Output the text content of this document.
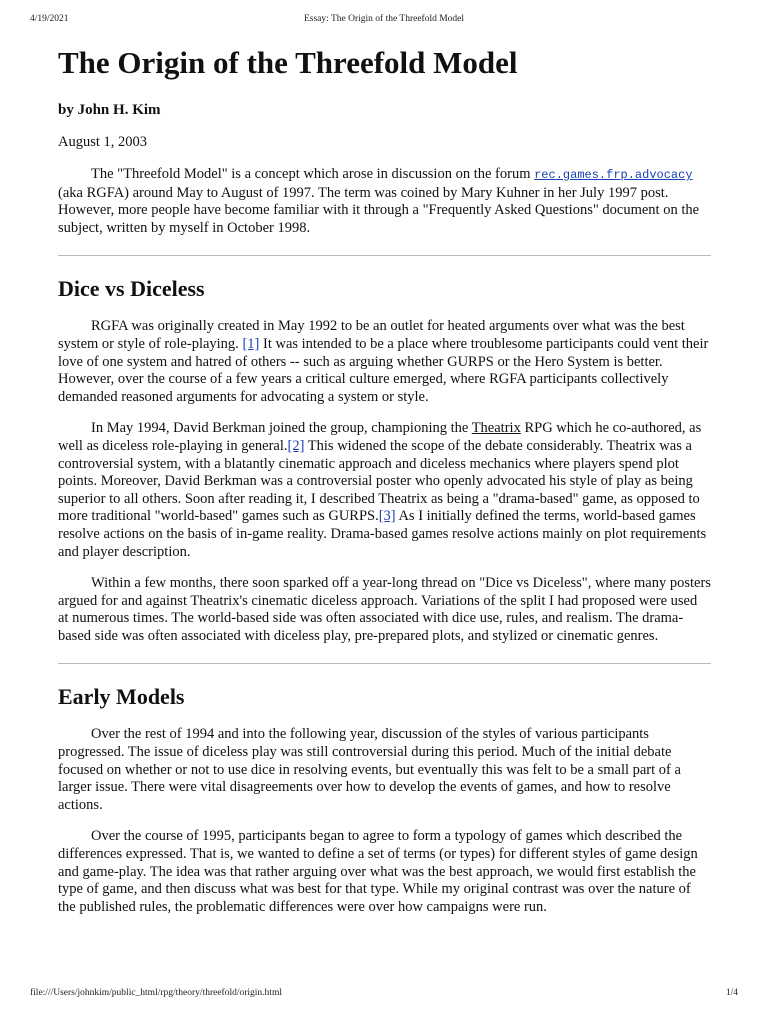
4/19/2021	Essay: The Origin of the Threefold Model
The Origin of the Threefold Model
by John H. Kim
August 1, 2003

The "Threefold Model" is a concept which arose in discussion on the forum rec.games.frp.advocacy (aka RGFA) around May to August of 1997. The term was coined by Mary Kuhner in her July 1997 post. However, more people have become familiar with it through a "Frequently Asked Questions" document on the subject, written by myself in October 1998.

Dice vs Diceless

RGFA was originally created in May 1992 to be an outlet for heated arguments over what was the best system or style of role-playing. [1] It was intended to be a place where troublesome participants could vent their love of one system and hatred of others -- such as arguing whether GURPS or the Hero System is better. However, over the course of a few years a critical culture emerged, where RGFA participants collectively demanded reasoned arguments for advocating a system or style.

In May 1994, David Berkman joined the group, championing the Theatrix RPG which he co-authored, as well as diceless role-playing in general.[2] This widened the scope of the debate considerably. Theatrix was a controversial system, with a blatantly cinematic approach and diceless mechanics where players spend plot points. Moreover, David Berkman was a controversial poster who openly advocated his style of play as being superior to all others. Soon after reading it, I described Theatrix as being a "drama-based" game, as opposed to more traditional "world-based" games such as GURPS.[3] As I initially defined the terms, world-based games resolve actions on the basis of in-game reality. Drama-based games resolve actions mainly on plot requirements and player description.

Within a few months, there soon sparked off a year-long thread on "Dice vs Diceless", where many posters argued for and against Theatrix's cinematic diceless approach. Variations of the split I had proposed were used at numerous times. The world-based side was often associated with dice use, rules, and realism. The drama-based side was often associated with diceless play, pre-prepared plots, and stylized or cinematic genres.

Early Models

Over the rest of 1994 and into the following year, discussion of the styles of various participants progressed. The issue of diceless play was still controversial during this period. Much of the initial debate focused on whether or not to use dice in resolving events, but eventually this was felt to be a small part of a larger issue. There were vital disagreements over how to develop the events of games, and how to resolve actions.

Over the course of 1995, participants began to agree to form a typology of games which described the differences expressed. That is, we wanted to define a set of terms (or types) for different styles of game design and game-play. The idea was that rather arguing over what was the best approach, we would first establish the type of game, and then discuss what was best for that type. While my original contrast was over the nature of the published rules, the problematic differences were over how campaigns were run.

file:///Users/johnkim/public_html/rpg/theory/threefold/origin.html	1/4
